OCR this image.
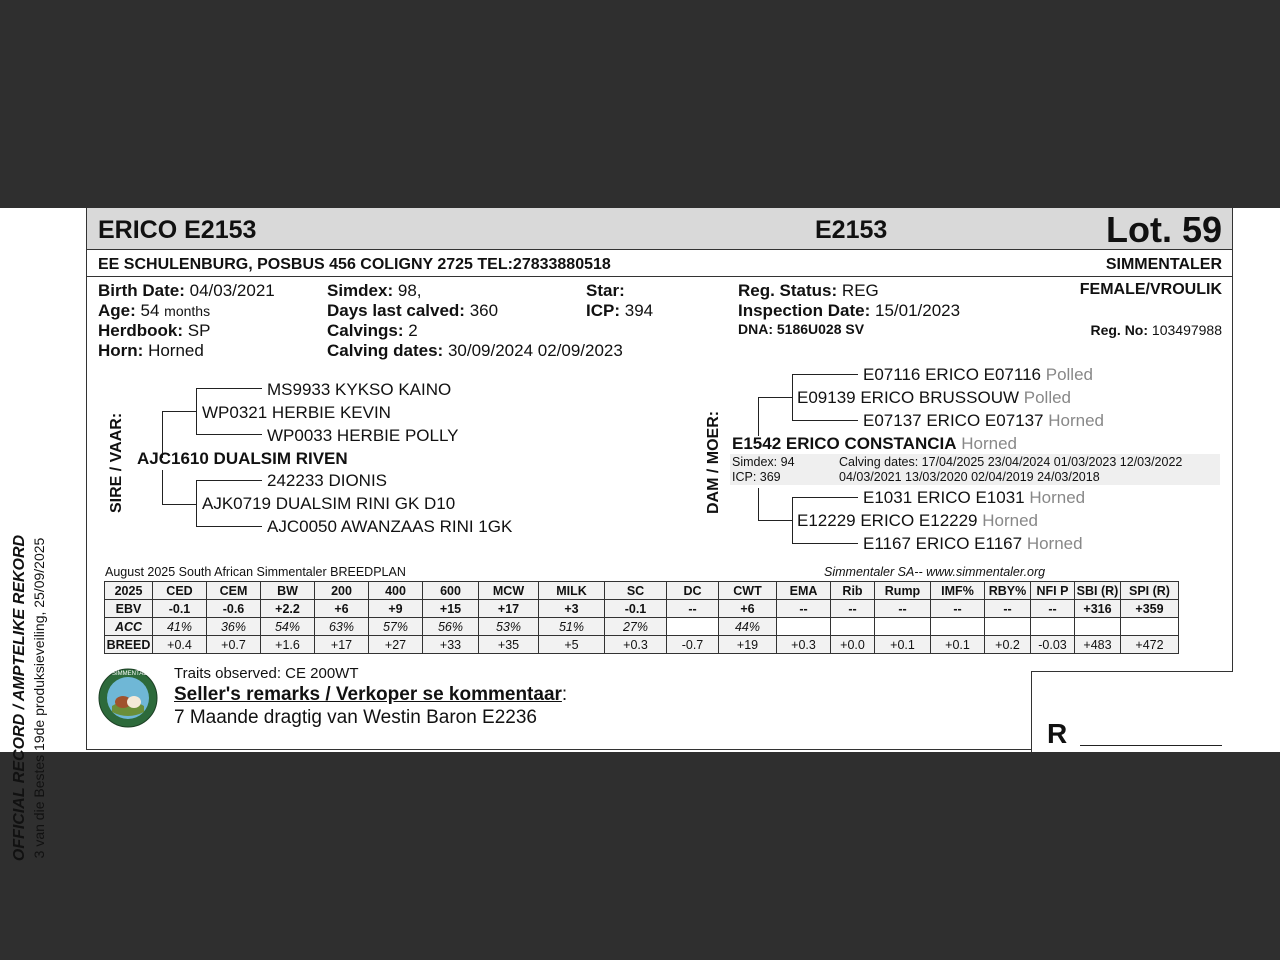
OFFICIAL RECORD / AMPTELIKE REKORD 3 van die Bestes 19de produksieveiling, 25/09/2025
ERICO E2153	E2153	Lot. 59
EE SCHULENBURG, POSBUS 456 COLIGNY 2725 TEL:27833880518	SIMMENTALER
Birth Date: 04/03/2021
Age: 54 months
Herdbook: SP
Horn: Horned
Simdex: 98,
Days last calved: 360
Calvings: 2
Calving dates: 30/09/2024 02/09/2023
Star:
ICP: 394
Reg. Status: REG
Inspection Date: 15/01/2023
DNA: 5186U028 SV
FEMALE/VROULIK
Reg. No: 103497988
SIRE / VAAR:
MS9933 KYKSO KAINO
WP0321 HERBIE KEVIN
WP0033 HERBIE POLLY
AJC1610 DUALSIM RIVEN
242233 DIONIS
AJK0719 DUALSIM RINI GK D10
AJC0050 AWANZAAS RINI 1GK
DAM / MOER:
E07116 ERICO E07116 Polled
E09139 ERICO BRUSSOUW Polled
E07137 ERICO E07137 Horned
E1542 ERICO CONSTANCIA Horned
Simdex: 94
ICP: 369
Calving dates: 17/04/2025 23/04/2024 01/03/2023 12/03/2022
04/03/2021 13/03/2020 02/04/2019 24/03/2018
E1031 ERICO E1031 Horned
E12229 ERICO E12229 Horned
E1167 ERICO E1167 Horned
August 2025 South African Simmentaler BREEDPLAN	Simmentaler SA-- www.simmentaler.org
2025	CED	CEM	BW	200	400	600	MCW	MILK	SC	DC	CWT	EMA	Rib	Rump	IMF%	RBY%	NFI P	SBI (R)	SPI (R)
EBV	-0.1	-0.6	+2.2	+6	+9	+15	+17	+3	-0.1	--	+6	--	--	--	--	--	--	+316	+359
ACC	41%	36%	54%	63%	57%	56%	53%	51%	27%		44%								
BREED	+0.4	+0.7	+1.6	+17	+27	+33	+35	+5	+0.3	-0.7	+19	+0.3	+0.0	+0.1	+0.1	+0.2	-0.03	+483	+472
SIMMENTALER Traits observed: CE 200WT
Seller's remarks / Verkoper se kommentaar:
7 Maande dragtig van Westin Baron E2236
R
